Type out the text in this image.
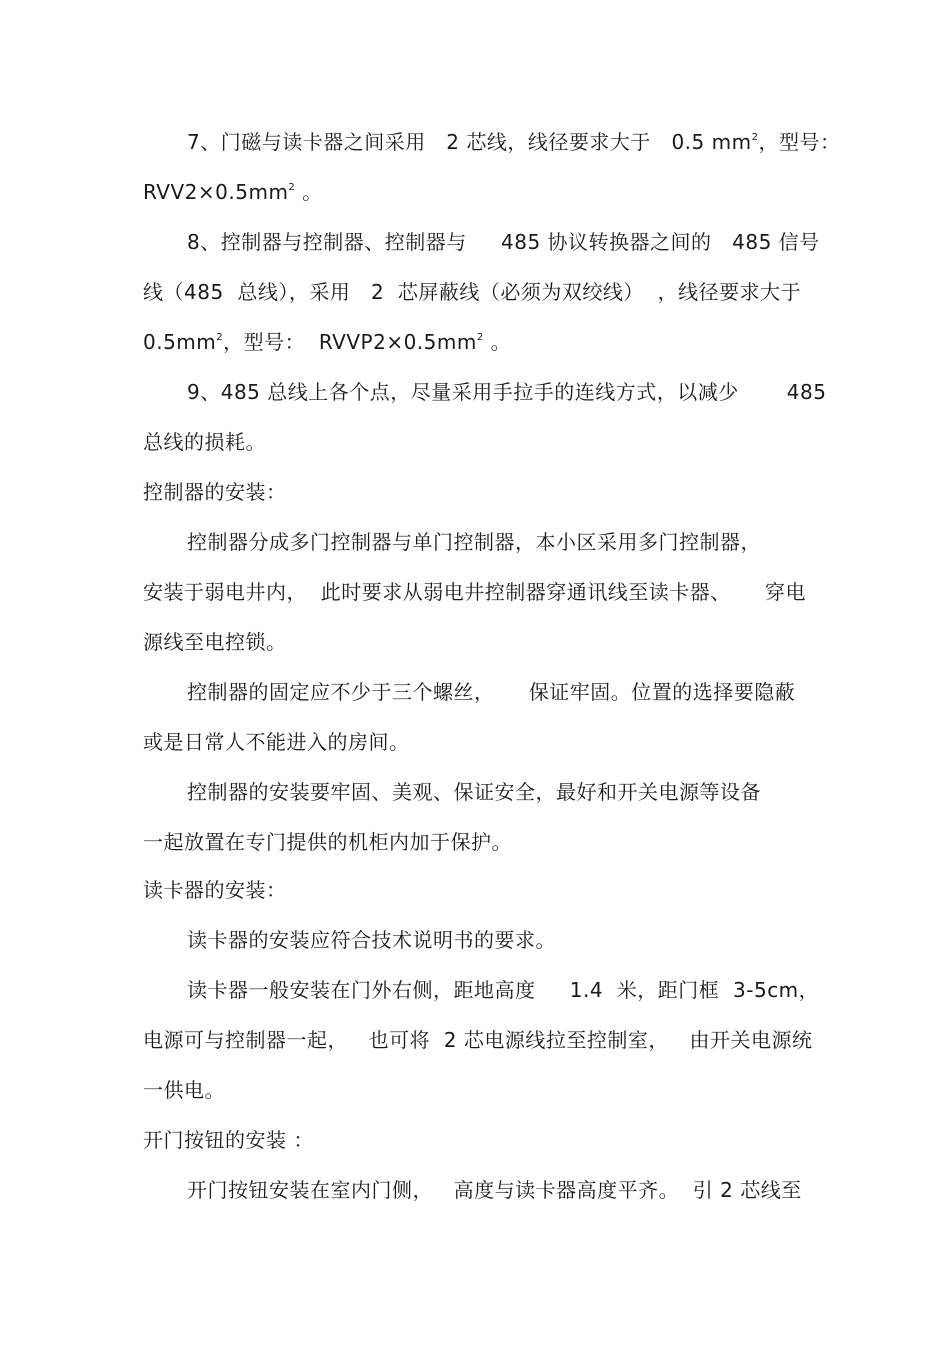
7、门磁与读卡器之间采用   2 芯线，线径要求大于   0.5 $mm^2$，型号：
$RVV2\times 0.5mm^2$ 。
8、控制器与控制器、控制器与     485 协议转换器之间的   485 信号
线（485  总线），采用   2  芯屏蔽线（必须为双绞线）  ，线径要求大于
$0.5mm^2$，型号：  $RVVP2\times 0.5mm^2$ 。
9、485 总线上各个点，尽量采用手拉手的连线方式，以减少       485
总线的损耗。
控制器的安装：
控制器分成多门控制器与单门控制器，本小区采用多门控制器，
安装于弱电井内，  此时要求从弱电井控制器穿通讯线至读卡器、     穿电
源线至电控锁。
控制器的固定应不少于三个螺丝，     保证牢固。位置的选择要隐蔽
或是日常人不能进入的房间。
控制器的安装要牢固、美观、保证安全，最好和开关电源等设备
一起放置在专门提供的机柜内加于保护。
读卡器的安装：
读卡器的安装应符合技术说明书的要求。
读卡器一般安装在门外右侧，距地高度     1.4  米，距门框  3-5cm，
电源可与控制器一起，   也可将  2 芯电源线拉至控制室，   由开关电源统
一供电。
开门按钮的安装 ：
开门按钮安装在室内门侧，   高度与读卡器高度平齐。  引 2 芯线至
